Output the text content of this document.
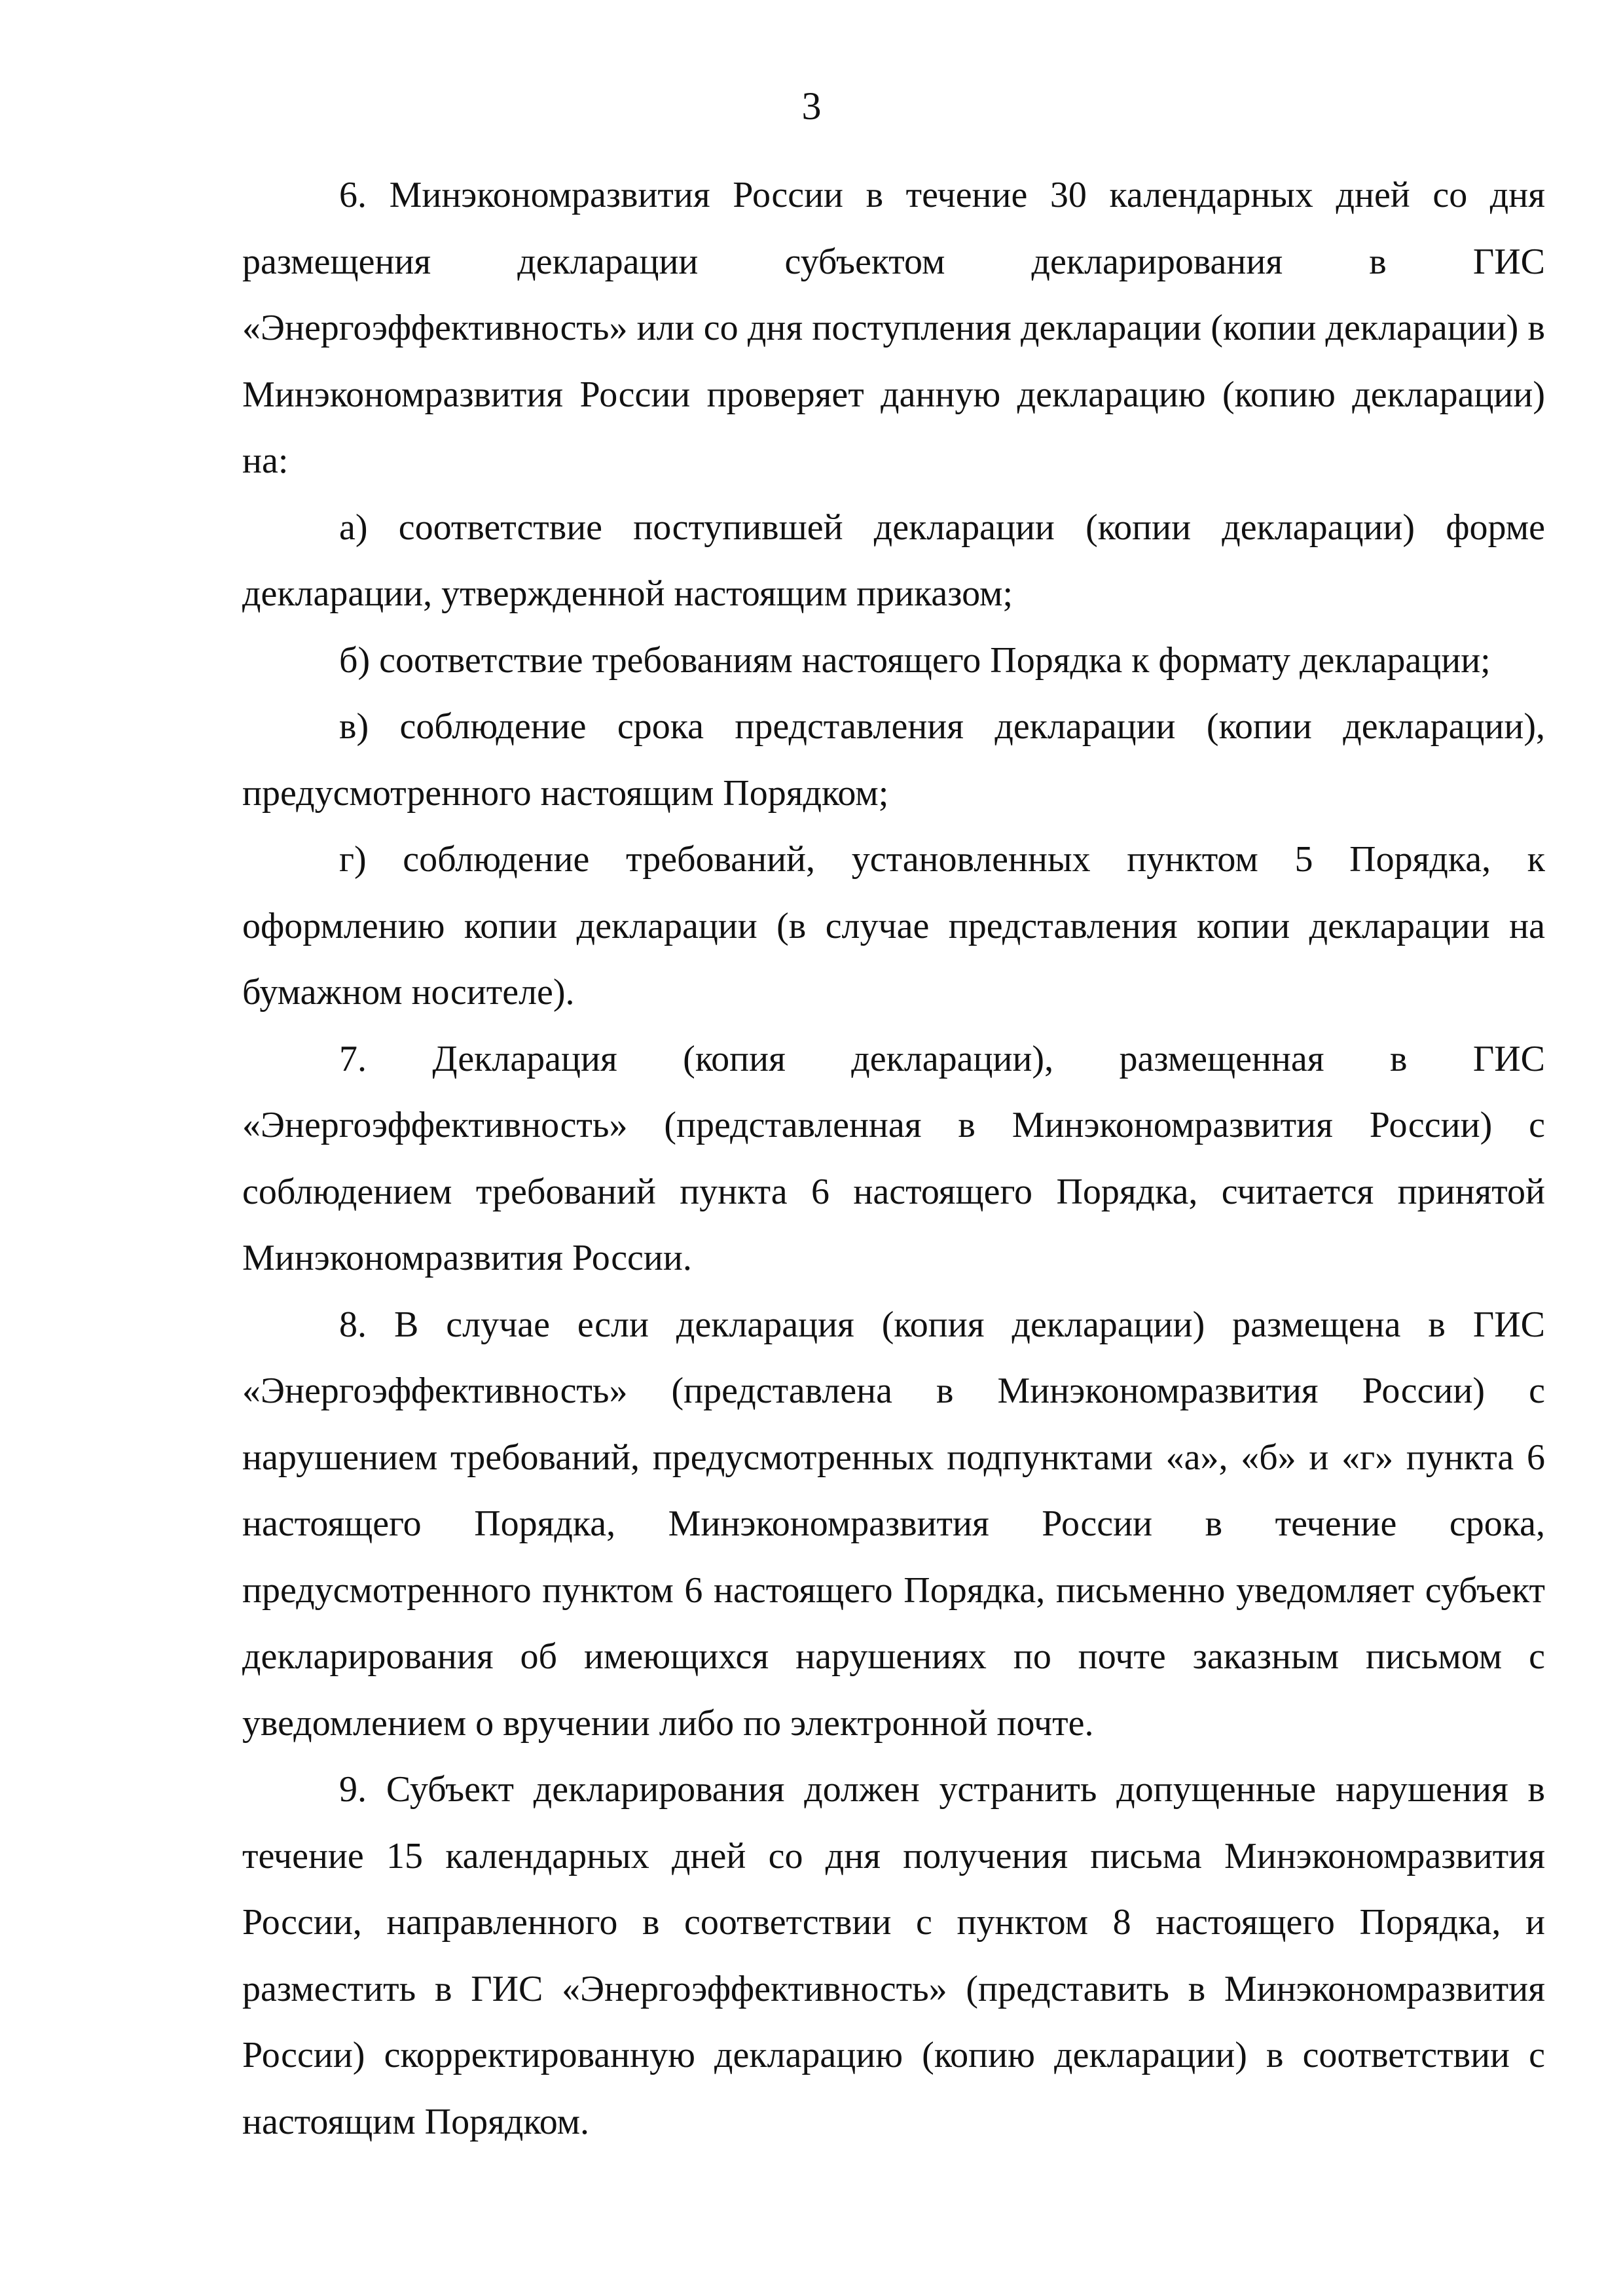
3

6. Минэкономразвития России в течение 30 календарных дней со дня размещения декларации субъектом декларирования в ГИС «Энергоэффективность» или со дня поступления декларации (копии декларации) в Минэкономразвития России проверяет данную декларацию (копию декларации) на:

а) соответствие поступившей декларации (копии декларации) форме декларации, утвержденной настоящим приказом;

б) соответствие требованиям настоящего Порядка к формату декларации;

в) соблюдение срока представления декларации (копии декларации), предусмотренного настоящим Порядком;

г) соблюдение требований, установленных пунктом 5 Порядка, к оформлению копии декларации (в случае представления копии декларации на бумажном носителе).

7. Декларация (копия декларации), размещенная в ГИС «Энергоэффективность» (представленная в Минэкономразвития России) с соблюдением требований пункта 6 настоящего Порядка, считается принятой Минэкономразвития России.

8. В случае если декларация (копия декларации) размещена в ГИС «Энергоэффективность» (представлена в Минэкономразвития России) с нарушением требований, предусмотренных подпунктами «а», «б» и «г» пункта 6 настоящего Порядка, Минэкономразвития России в течение срока, предусмотренного пунктом 6 настоящего Порядка, письменно уведомляет субъект декларирования об имеющихся нарушениях по почте заказным письмом с уведомлением о вручении либо по электронной почте.

9. Субъект декларирования должен устранить допущенные нарушения в течение 15 календарных дней со дня получения письма Минэкономразвития России, направленного в соответствии с пунктом 8 настоящего Порядка, и разместить в ГИС «Энергоэффективность» (представить в Минэкономразвития России) скорректированную декларацию (копию декларации) в соответствии с настоящим Порядком.
